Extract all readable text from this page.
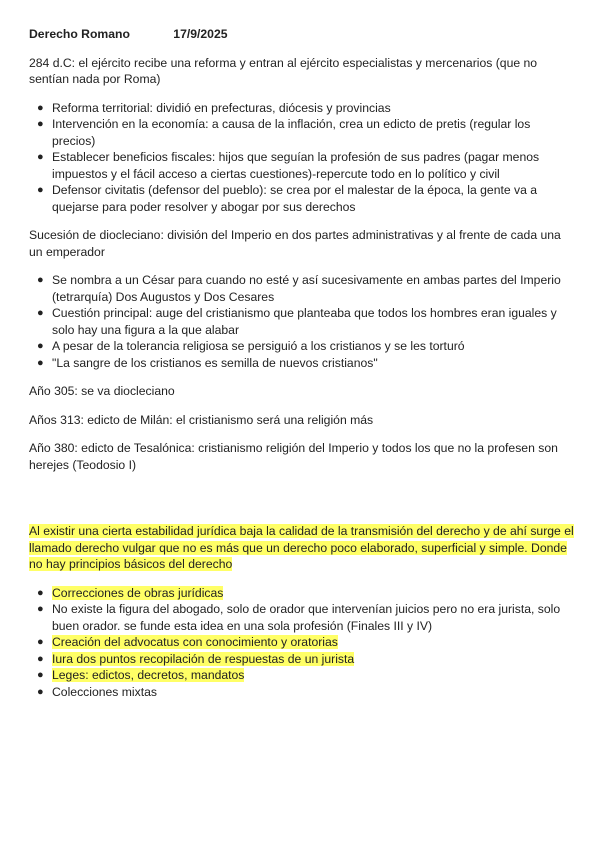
Derecho Romano	17/9/2025

284 d.C: el ejército recibe una reforma y entran al ejército especialistas y mercenarios (que no sentían nada por Roma)

● Reforma territorial: dividió en prefecturas, diócesis y provincias
● Intervención en la economía: a causa de la inflación, crea un edicto de pretis (regular los precios)
● Establecer beneficios fiscales: hijos que seguían la profesión de sus padres (pagar menos impuestos y el fácil acceso a ciertas cuestiones)-repercute todo en lo político y civil
● Defensor civitatis (defensor del pueblo): se crea por el malestar de la época, la gente va a quejarse para poder resolver y abogar por sus derechos

Sucesión de diocleciano: división del Imperio en dos partes administrativas y al frente de cada una un emperador

● Se nombra a un César para cuando no esté y así sucesivamente en ambas partes del Imperio (tetrarquía) Dos Augustos y Dos Cesares
● Cuestión principal: auge del cristianismo que planteaba que todos los hombres eran iguales y solo hay una figura a la que alabar
● A pesar de la tolerancia religiosa se persiguió a los cristianos y se les torturó
● "La sangre de los cristianos es semilla de nuevos cristianos"

Año 305: se va diocleciano

Años 313: edicto de Milán: el cristianismo será una religión más

Año 380: edicto de Tesalónica: cristianismo religión del Imperio y todos los que no la profesen son herejes (Teodosio I)

Al existir una cierta estabilidad jurídica baja la calidad de la transmisión del derecho y de ahí surge el llamado derecho vulgar que no es más que un derecho poco elaborado, superficial y simple. Donde no hay principios básicos del derecho

● Correcciones de obras jurídicas
● No existe la figura del abogado, solo de orador que intervenían juicios pero no era jurista, solo buen orador. se funde esta idea en una sola profesión (Finales III y IV)
● Creación del advocatus con conocimiento y oratorias
● Iura dos puntos recopilación de respuestas de un jurista
● Leges: edictos, decretos, mandatos
● Colecciones mixtas
